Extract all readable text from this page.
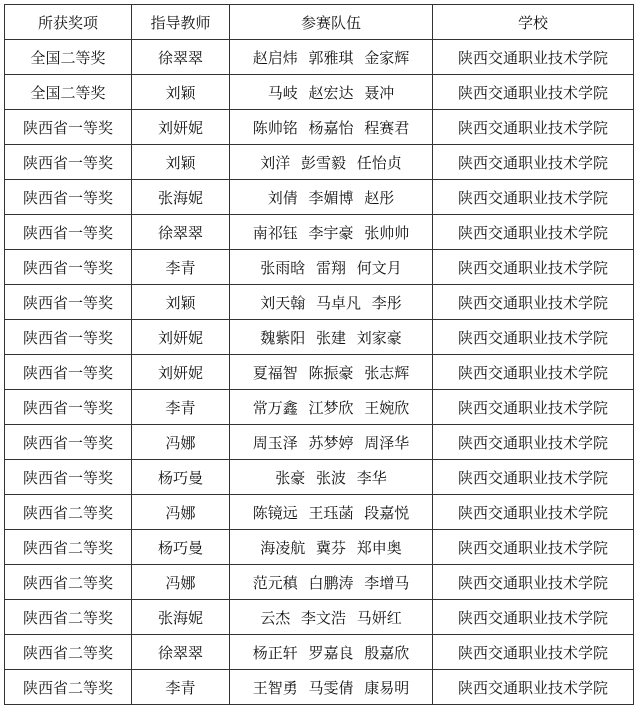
所获奖项	指导教师	参赛队伍	学校
全国二等奖	徐翠翠	赵启炜 郭雅琪 金家辉	陕西交通职业技术学院
全国二等奖	刘颖	马岐 赵宏达 聂冲	陕西交通职业技术学院
陕西省一等奖	刘妍妮	陈帅铭 杨嘉怡 程赛君	陕西交通职业技术学院
陕西省一等奖	刘颖	刘洋 彭雪毅 任怡贞	陕西交通职业技术学院
陕西省一等奖	张海妮	刘倩 李媚博 赵彤	陕西交通职业技术学院
陕西省一等奖	徐翠翠	南祁钰 李宇豪 张帅帅	陕西交通职业技术学院
陕西省一等奖	李青	张雨晗 雷翔 何文月	陕西交通职业技术学院
陕西省一等奖	刘颖	刘天翰 马卓凡 李彤	陕西交通职业技术学院
陕西省一等奖	刘妍妮	魏紫阳 张建 刘家豪	陕西交通职业技术学院
陕西省一等奖	刘妍妮	夏福智 陈振豪 张志辉	陕西交通职业技术学院
陕西省一等奖	李青	常万鑫 江梦欣 王婉欣	陕西交通职业技术学院
陕西省一等奖	冯娜	周玉泽 苏梦婷 周泽华	陕西交通职业技术学院
陕西省一等奖	杨巧曼	张豪 张波 李华	陕西交通职业技术学院
陕西省二等奖	冯娜	陈镜远 王珏菡 段嘉悦	陕西交通职业技术学院
陕西省二等奖	杨巧曼	海凌航 冀芬 郑申奥	陕西交通职业技术学院
陕西省二等奖	冯娜	范元稹 白鹏涛 李增马	陕西交通职业技术学院
陕西省二等奖	张海妮	云杰 李文浩 马妍红	陕西交通职业技术学院
陕西省二等奖	徐翠翠	杨正轩 罗嘉良 殷嘉欣	陕西交通职业技术学院
陕西省二等奖	李青	王智勇 马雯倩 康易明	陕西交通职业技术学院
